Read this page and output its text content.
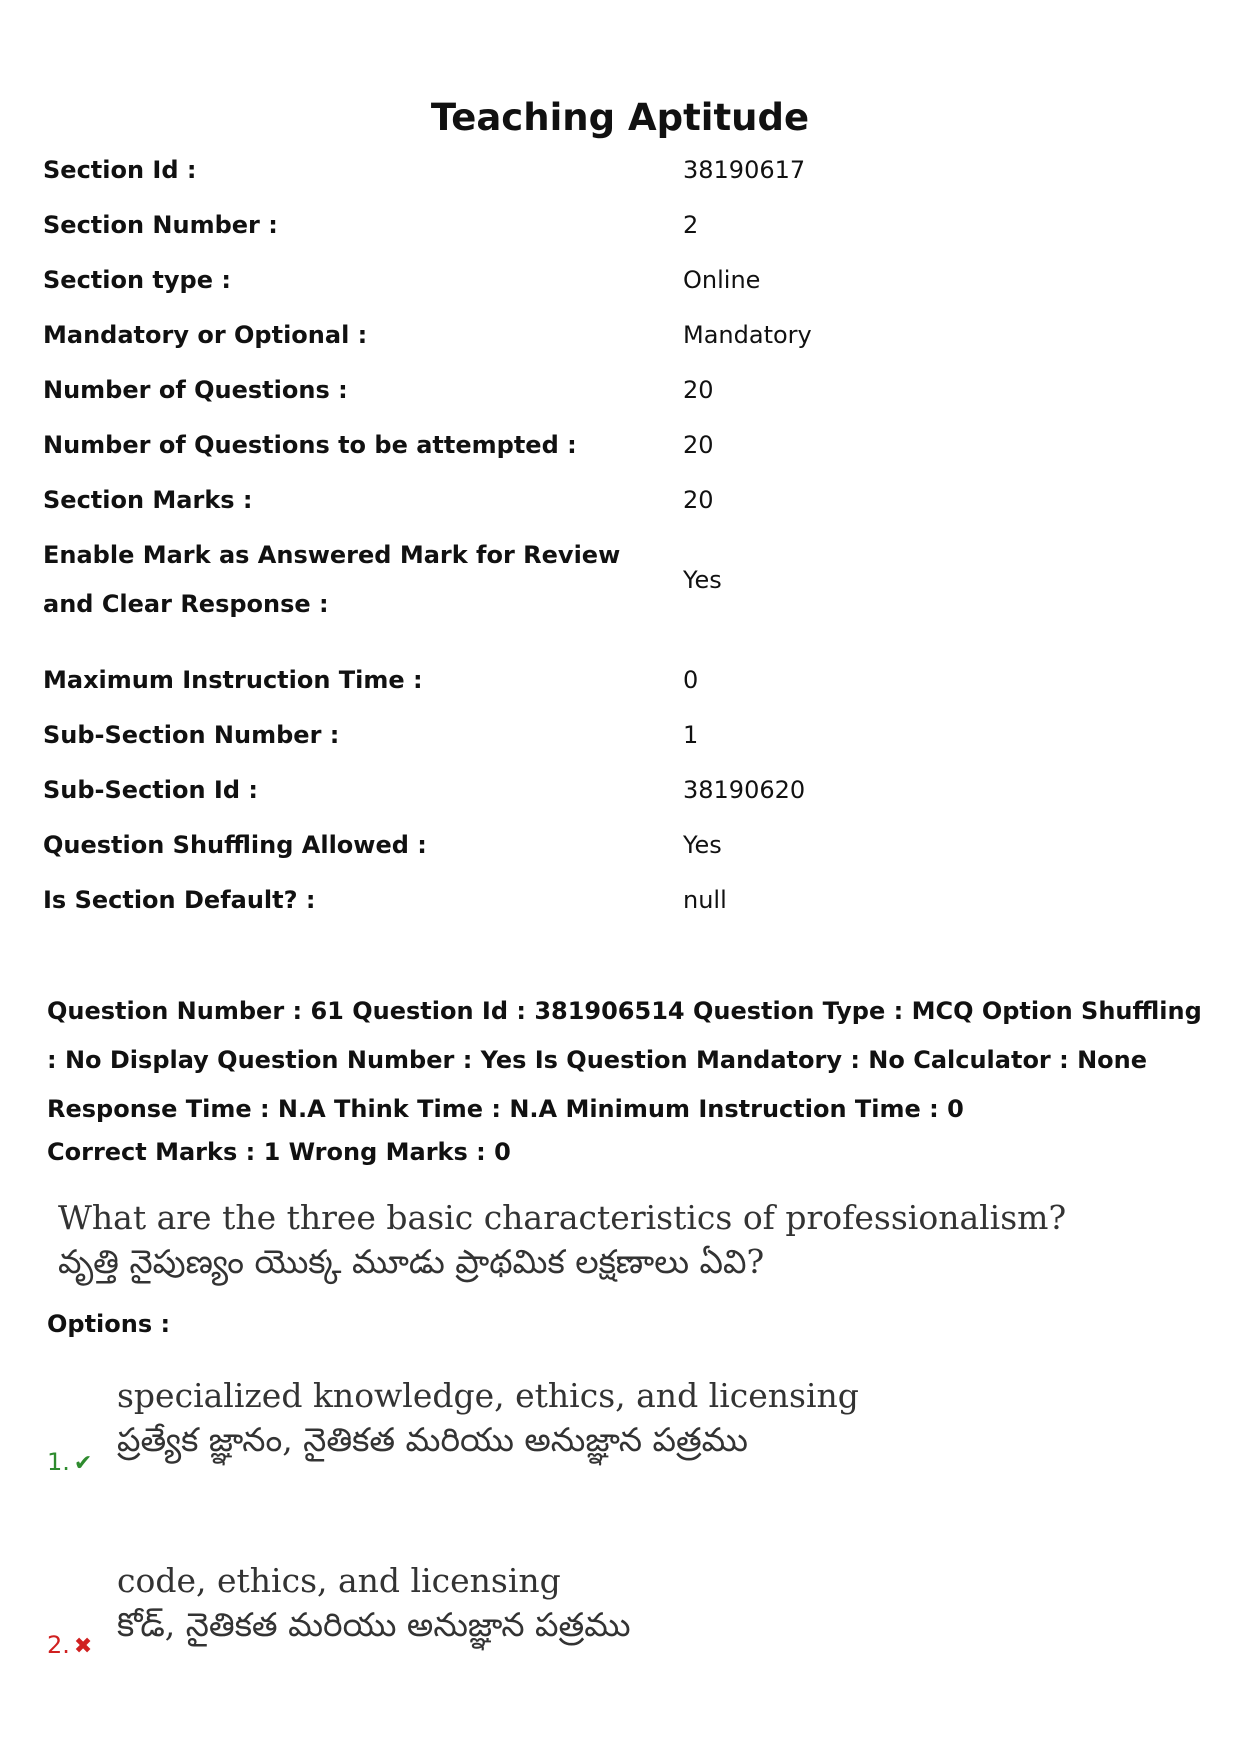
Teaching Aptitude
Section Id :	38190617
Section Number :	2
Section type :	Online
Mandatory or Optional :	Mandatory
Number of Questions :	20
Number of Questions to be attempted :	20
Section Marks :	20
Enable Mark as Answered Mark for Review and Clear Response :
Yes
Maximum Instruction Time :	0
Sub-Section Number :	1
Sub-Section Id :	38190620
Question Shuffling Allowed :	Yes
Is Section Default? :	null

Question Number : 61 Question Id : 381906514 Question Type : MCQ Option Shuffling : No Display Question Number : Yes Is Question Mandatory : No Calculator : None Response Time : N.A Think Time : N.A Minimum Instruction Time : 0

Correct Marks : 1 Wrong Marks : 0
What are the three basic characteristics of professionalism?
వృత్తి నైపుణ్యం యొక్క మూడు ప్రాథమిక లక్షణాలు ఏవి?
Options :
specialized knowledge, ethics, and licensing
ప్రత్యేక జ్ఞానం, నైతికత మరియు అనుజ్ఞాన పత్రము
1. ✔
code, ethics, and licensing
కోడ్, నైతికత మరియు అనుజ్ఞాన పత్రము
2. ✖
